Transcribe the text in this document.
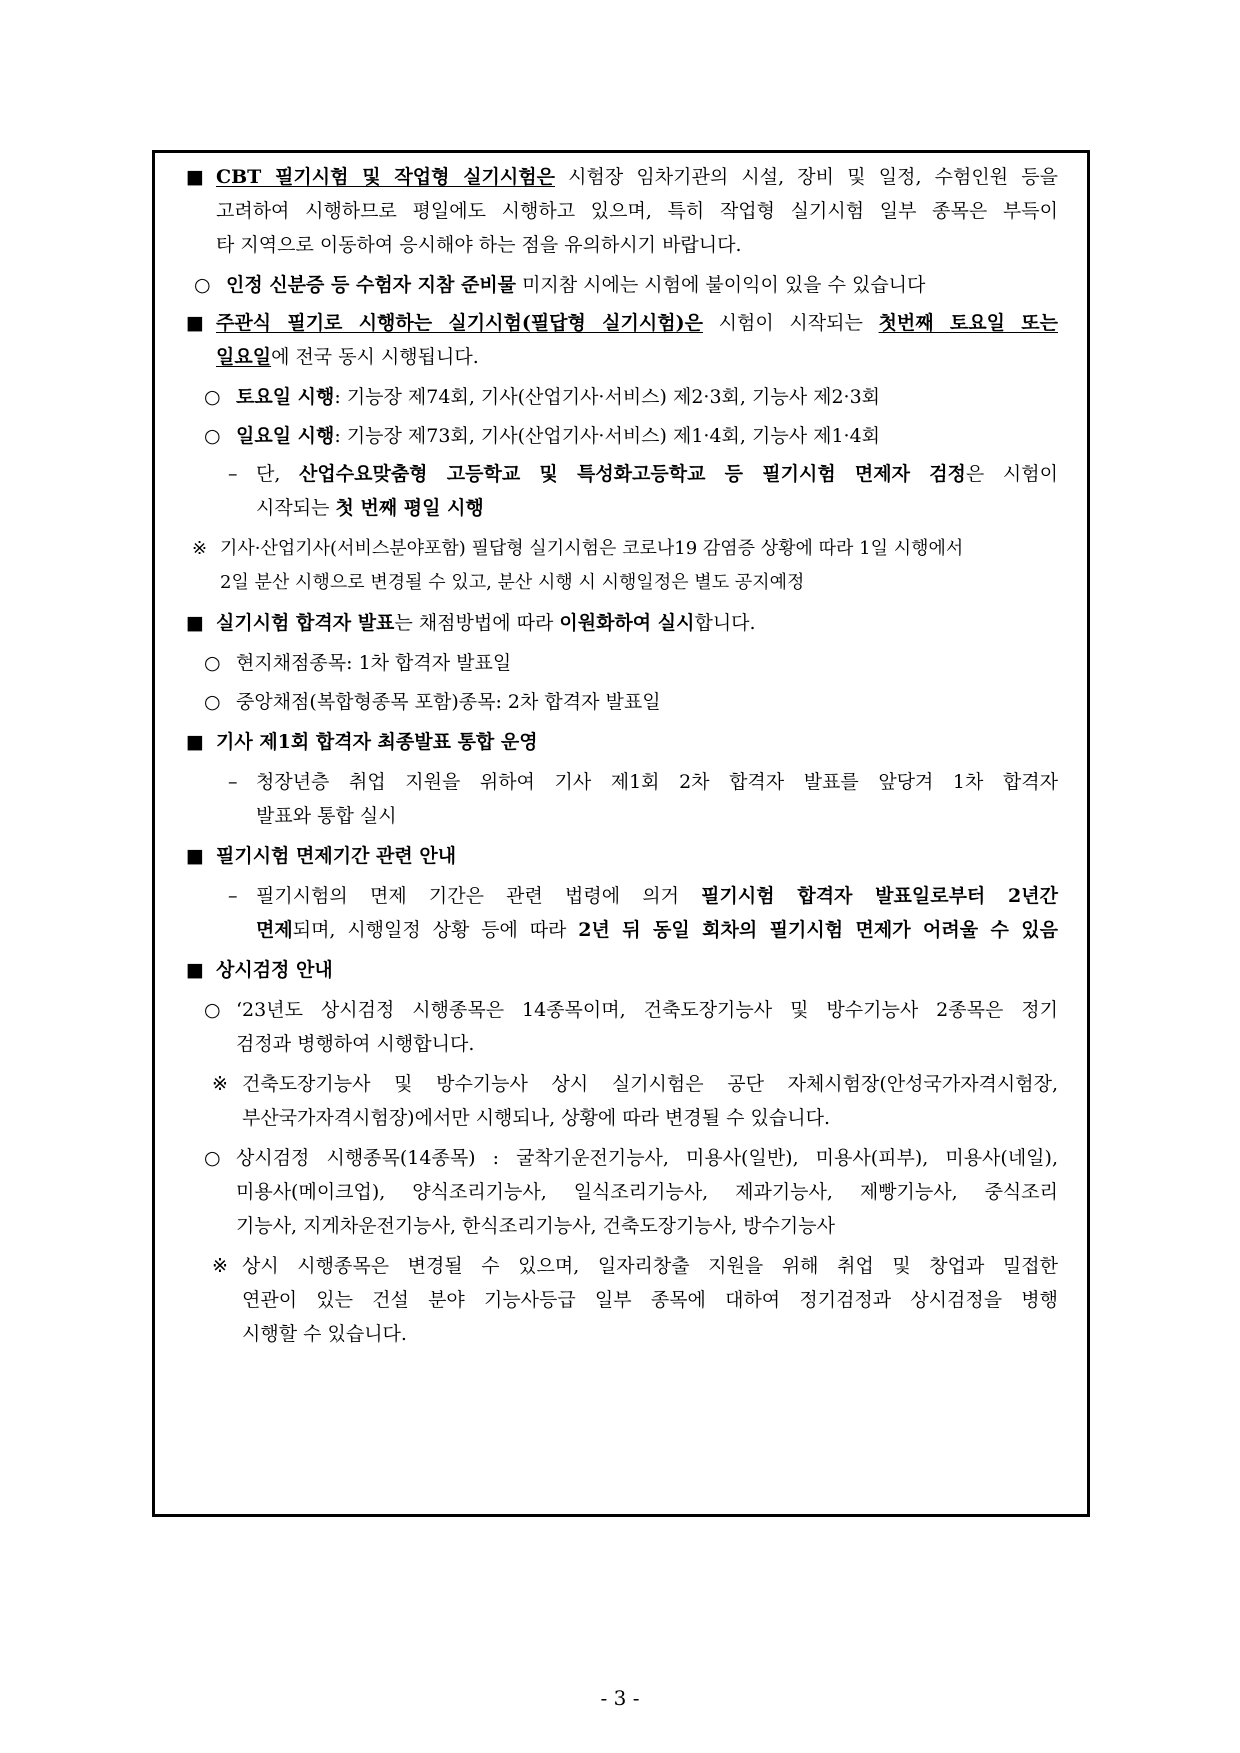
■ CBT 필기시험 및 작업형 실기시험은 시험장 임차기관의 시설, 장비 및 일정, 수험인원 등을
고려하여 시행하므로 평일에도 시행하고 있으며, 특히 작업형 실기시험 일부 종목은 부득이
타 지역으로 이동하여 응시해야 하는 점을 유의하시기 바랍니다.
○ 인정 신분증 등 수험자 지참 준비물 미지참 시에는 시험에 불이익이 있을 수 있습니다
■ 주관식 필기로 시행하는 실기시험(필답형 실기시험)은 시험이 시작되는 첫번째 토요일 또는
일요일에 전국 동시 시행됩니다.
○ 토요일 시행: 기능장 제74회, 기사(산업기사·서비스) 제2·3회, 기능사 제2·3회
○ 일요일 시행: 기능장 제73회, 기사(산업기사·서비스) 제1·4회, 기능사 제1·4회
– 단, 산업수요맞춤형 고등학교 및 특성화고등학교 등 필기시험 면제자 검정은 시험이
시작되는 첫 번째 평일 시행
※ 기사·산업기사(서비스분야포함) 필답형 실기시험은 코로나19 감염증 상황에 따라 1일 시행에서
2일 분산 시행으로 변경될 수 있고, 분산 시행 시 시행일정은 별도 공지예정
■ 실기시험 합격자 발표는 채점방법에 따라 이원화하여 실시합니다.
○ 현지채점종목: 1차 합격자 발표일
○ 중앙채점(복합형종목 포함)종목: 2차 합격자 발표일
■ 기사 제1회 합격자 최종발표 통합 운영
– 청장년층 취업 지원을 위하여 기사 제1회 2차 합격자 발표를 앞당겨 1차 합격자
발표와 통합 실시
■ 필기시험 면제기간 관련 안내
– 필기시험의 면제 기간은 관련 법령에 의거 필기시험 합격자 발표일로부터 2년간
면제되며, 시행일정 상황 등에 따라 2년 뒤 동일 회차의 필기시험 면제가 어려울 수 있음
■ 상시검정 안내
○ ‘23년도 상시검정 시행종목은 14종목이며, 건축도장기능사 및 방수기능사 2종목은 정기
검정과 병행하여 시행합니다.
※ 건축도장기능사 및 방수기능사 상시 실기시험은 공단 자체시험장(안성국가자격시험장,
부산국가자격시험장)에서만 시행되나, 상황에 따라 변경될 수 있습니다.
○ 상시검정 시행종목(14종목) : 굴착기운전기능사, 미용사(일반), 미용사(피부), 미용사(네일),
미용사(메이크업), 양식조리기능사, 일식조리기능사, 제과기능사, 제빵기능사, 중식조리
기능사, 지게차운전기능사, 한식조리기능사, 건축도장기능사, 방수기능사
※ 상시 시행종목은 변경될 수 있으며, 일자리창출 지원을 위해 취업 및 창업과 밀접한
연관이 있는 건설 분야 기능사등급 일부 종목에 대하여 정기검정과 상시검정을 병행
시행할 수 있습니다.
- 3 -
